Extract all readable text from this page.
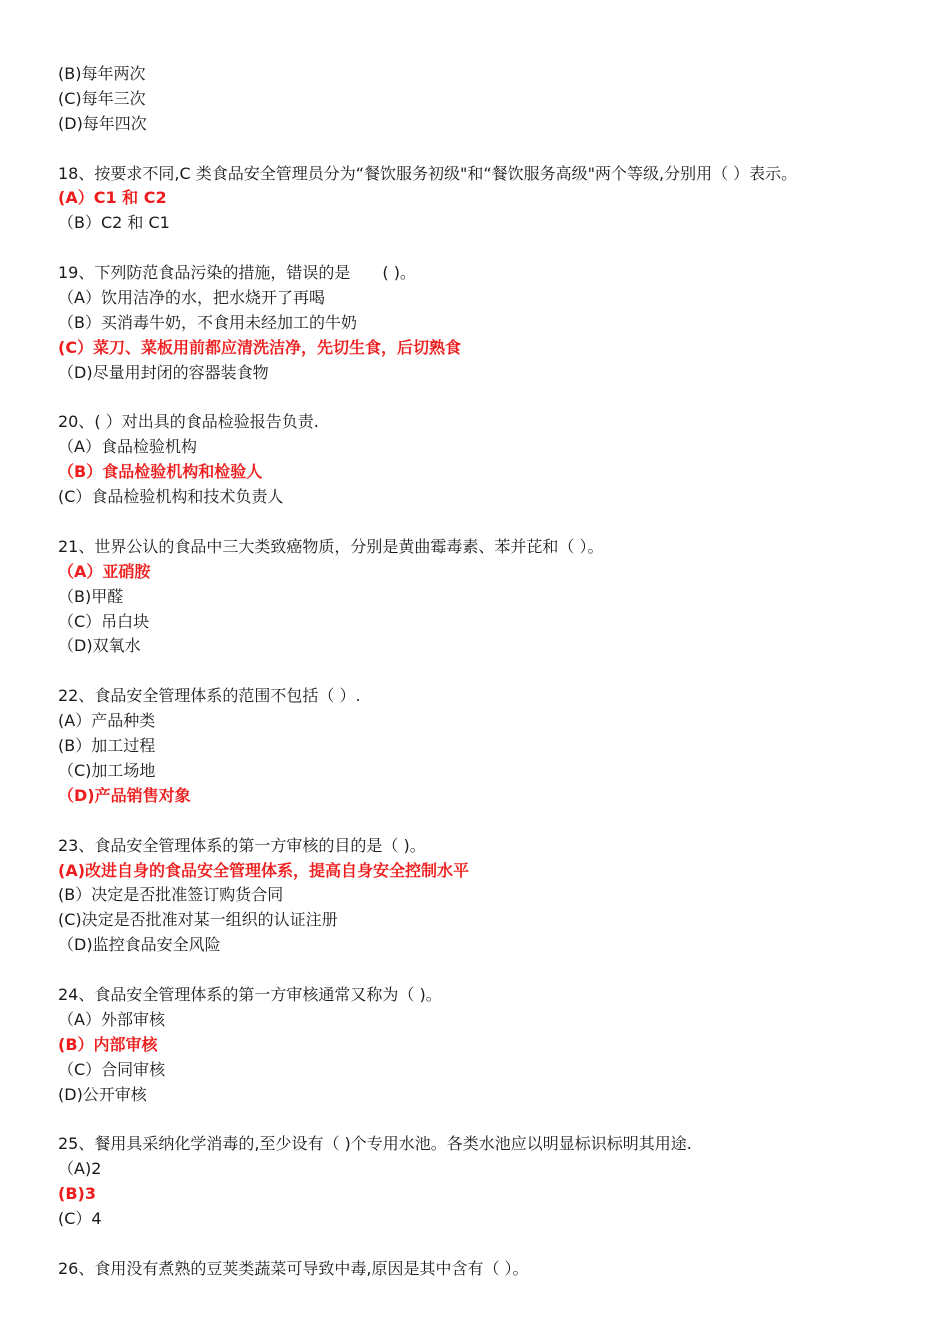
(B)每年两次
(C)每年三次
(D)每年四次
18、按要求不同,C 类食品安全管理员分为“餐饮服务初级"和“餐饮服务高级"两个等级,分别用（ ）表示。
(A）C1 和 C2
（B）C2 和 C1
19、下列防范食品污染的措施，错误的是　　( )。
（A）饮用洁净的水，把水烧开了再喝
（B）买消毒牛奶，不食用未经加工的牛奶
(C）菜刀、菜板用前都应清洗洁净，先切生食，后切熟食
（D)尽量用封闭的容器装食物
20、( ）对出具的食品检验报告负责.
（A）食品检验机构
（B）食品检验机构和检验人
(C）食品检验机构和技术负责人
21、世界公认的食品中三大类致癌物质，分别是黄曲霉毒素、苯并芘和（ ）。
（A）亚硝胺
（B)甲醛
（C）吊白块
（D)双氧水
22、食品安全管理体系的范围不包括（ ）.
(A）产品种类
(B）加工过程
（C)加工场地
（D)产品销售对象
23、食品安全管理体系的第一方审核的目的是（ )。
(A)改进自身的食品安全管理体系，提高自身安全控制水平
(B）决定是否批准签订购货合同
(C)决定是否批准对某一组织的认证注册
（D)监控食品安全风险
24、食品安全管理体系的第一方审核通常又称为（ )。
（A）外部审核
(B）内部审核
（C）合同审核
(D)公开审核
25、餐用具采纳化学消毒的,至少设有（ )个专用水池。各类水池应以明显标识标明其用途.
（A)2
(B)3
(C）4
26、食用没有煮熟的豆荚类蔬菜可导致中毒,原因是其中含有（ ）。
